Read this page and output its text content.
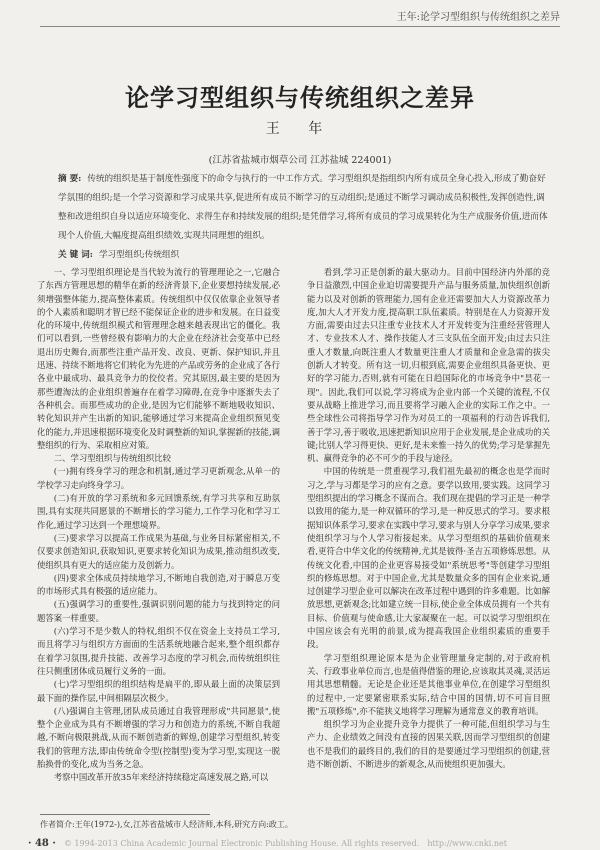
王年:论学习型组织与传统组织之差异
论学习型组织与传统组织之差异
王 年
(江苏省盐城市烟草公司 江苏盐城 224001)
摘 要: 传统的组织是基于制度性强度下的命令与执行的一中工作方式。学习型组织是指组织内所有成员全身心投入,形成了勤奋好学氛围的组织;是一个学习资源和学习成果共享,促进所有成员不断学习的互动组织;是通过不断学习调动成员积极性,发挥创造性,调整和改进组织自身以适应环境变化、求得生存和持续发展的组织;是凭借学习,将所有成员的学习成果转化为生产成服务价值,进而体现个人价值,大幅度提高组织绩效,实现共同理想的组织。
关 键 词: 学习型组织;传统组织

一、学习型组织理论是当代较为流行的管理理论之一,它融合了东西方管理思想的精华在新的经济背景下,企业要想持续发展,必须增强整体能力,提高整体素质。传统组织中仅仅依靠企业领导者的个人素质和聪明才智已经不能保证企业的进步和发展。在日益变化的环境中,传统组织模式和管理理念越来越表现出它的僵化。我们可以看到,一些曾经极有影响力的大企业在经济社会变革中已经退出历史舞台,而那些注重产品开发、改良、更新、保护知识,并且迅速、持续不断地将它们转化为先进的产品或劳务的企业成了各行各业中最成功、最具竞争力的佼佼者。究其原因,最主要的是因为那些遭淘汰的企业组织普遍存在着学习障碍,在竞争中逐渐失去了各种机会。而那些成功的企业,是因为它们能够不断地吸收知识、转化知识并产生出新的知识,能够通过学习来提高企业组织预见变化的能力,并迅速根据环境变化及时调整新的知识,掌握新的技能,调整组织的行为、采取相应对策。

二、学习型组织与传统组织比较

(一)拥有终身学习的理念和机制,通过学习更新观念,从单一的学校学习走向终身学习。

(二)有开放的学习系统和多元回馈系统,有学习共享和互助氛围,具有实现共同愿景的不断增长的学习能力,工作学习化和学习工作化,通过学习达到一个理想境界。

(三)要求学习以提高工作成果为基础,与业务目标紧密相关,不仅要求创造知识,获取知识,更要求转化知识为成果,推动组织改变,使组织具有更大的适应能力及创新力。

(四)要求全体成员持续地学习,不断地自我创造,对于瞬息万变的市场形式具有极强的适应能力。

(五)强调学习的重要性,强调识别问题的能力与找到特定的问题答案一样重要。

(六)学习不是少数人的特权,组织不仅在资金上支持员工学习,而且将学习与组织方方面面的生活系统地融合起来,整个组织都存在着学习氛围,提升技能、改善学习态度的学习机会,而传统组织往往只侧重团体成员履行义务的一面。

(七)学习型组织的组织结构是扁平的,即从最上面的决策层到最下面的操作层,中间相隔层次极少。

(八)强调自主管理,团队成员通过自我管理形成"共同愿景",使整个企业成为具有不断增强的学习力和创造力的系统,不断自我超越,不断向极限挑战,从而不断创造新的辉煌,创建学习型组织,转变我们的管理方法,即由传统命令型(控制型)变为学习型,实现这一脱胎换骨的变化,成为当务之急。

考察中国改革开放35年来经济持续稳定高速发展之路,可以

看到,学习正是创新的最大驱动力。目前中国经济内外部的竞争日益激烈,中国企业迫切需要提升产品与服务质量,加快组织创新能力以及对创新的管理能力,国有企业还需要加大人力资源改革力度,加大人才开发力度,提高职工队伍素质。特别是在人力资源开发方面,需要由过去只注重专业技术人才开发转变为注重经营管理人才、专业技术人才、操作技能人才三支队伍全面开发;由过去只注重人才数量,向既注重人才数量更注重人才质量和企业急需的拔尖创新人才转变。所有这一切,归根到底,需要企业组织具备更快、更好的学习能力,否则,就有可能在日趋国际化的市场竞争中"昙花一现"。因此,我们可以说,学习将成为企业内部一个关键的流程,不仅要从战略上推进学习,而且要将学习融入企业的实际工作之中。一些全球性公司将指导学习作为对员工的一项福利的行动告诉我们,善于学习,善于吸收,迅速把新知识应用于企业发展,是企业成功的关键;比别人学习得更快、更好,是未来惟一持久的优势;学习是掌握先机、赢得竞争的必不可少的手段与途径。

中国的传统是一贯重视学习,我们祖先最初的概念也是学而时习之,学与习都是学习的应有之意。要学以致用,要实践。这同学习型组织提出的学习概念不谋而合。我们现在提倡的学习正是一种学以致用的能力,是一种双循环的学习,是一种反思式的学习。要求根据知识体系学习,要求在实践中学习,要求与别人分享学习成果,要求使组织学习与个人学习衔接起来。从学习型组织的基础价值观来看,更符合中华文化的传统精神,尤其是彼得·圣吉五项修炼思想。从传统文化看,中国的企业更容易接受如"系统思考"等创建学习型组织的修炼思想。对于中国企业,尤其是数量众多的国有企业来说,通过创建学习型企业可以解决在改革过程中遇到的许多难题。比如解放思想,更新观念;比如建立统一目标,使企业全体成员拥有一个共有目标、价值观与使命感,让大家凝聚在一起。可以说学习型组织在中国应该会有光明的前景,成为提高我国企业组织素质的重要手段。

学习型组织理论原本是为企业管理量身定制的,对于政府机关、行政事业单位而言,也是值得借鉴的理论,应该取其灵魂,灵活运用其思想精髓。无论是企业还是其他事业单位,在创建学习型组织的过程中,一定要紧密联系实际,结合中国的国情,切不可盲目照搬"五项修炼",亦不能狭义地将学习理解为通常意义的教育培训。

组织学习为企业提升竞争力提供了一种可能,但组织学习与生产力、企业绩效之间没有直接的因果关联,因而学习型组织的创建也不是我们的最终目的,我们的目的是要通过学习型组织的创建,营造不断创新、不断进步的新观念,从而使组织更加强大。

作者简介:王年(1972-),女,江苏省盐城市人经济师,本科,研究方向:政工。
· 48 · © 1994-2013 China Academic Journal Electronic Publishing House. All rights reserved. http://www.cnki.net
